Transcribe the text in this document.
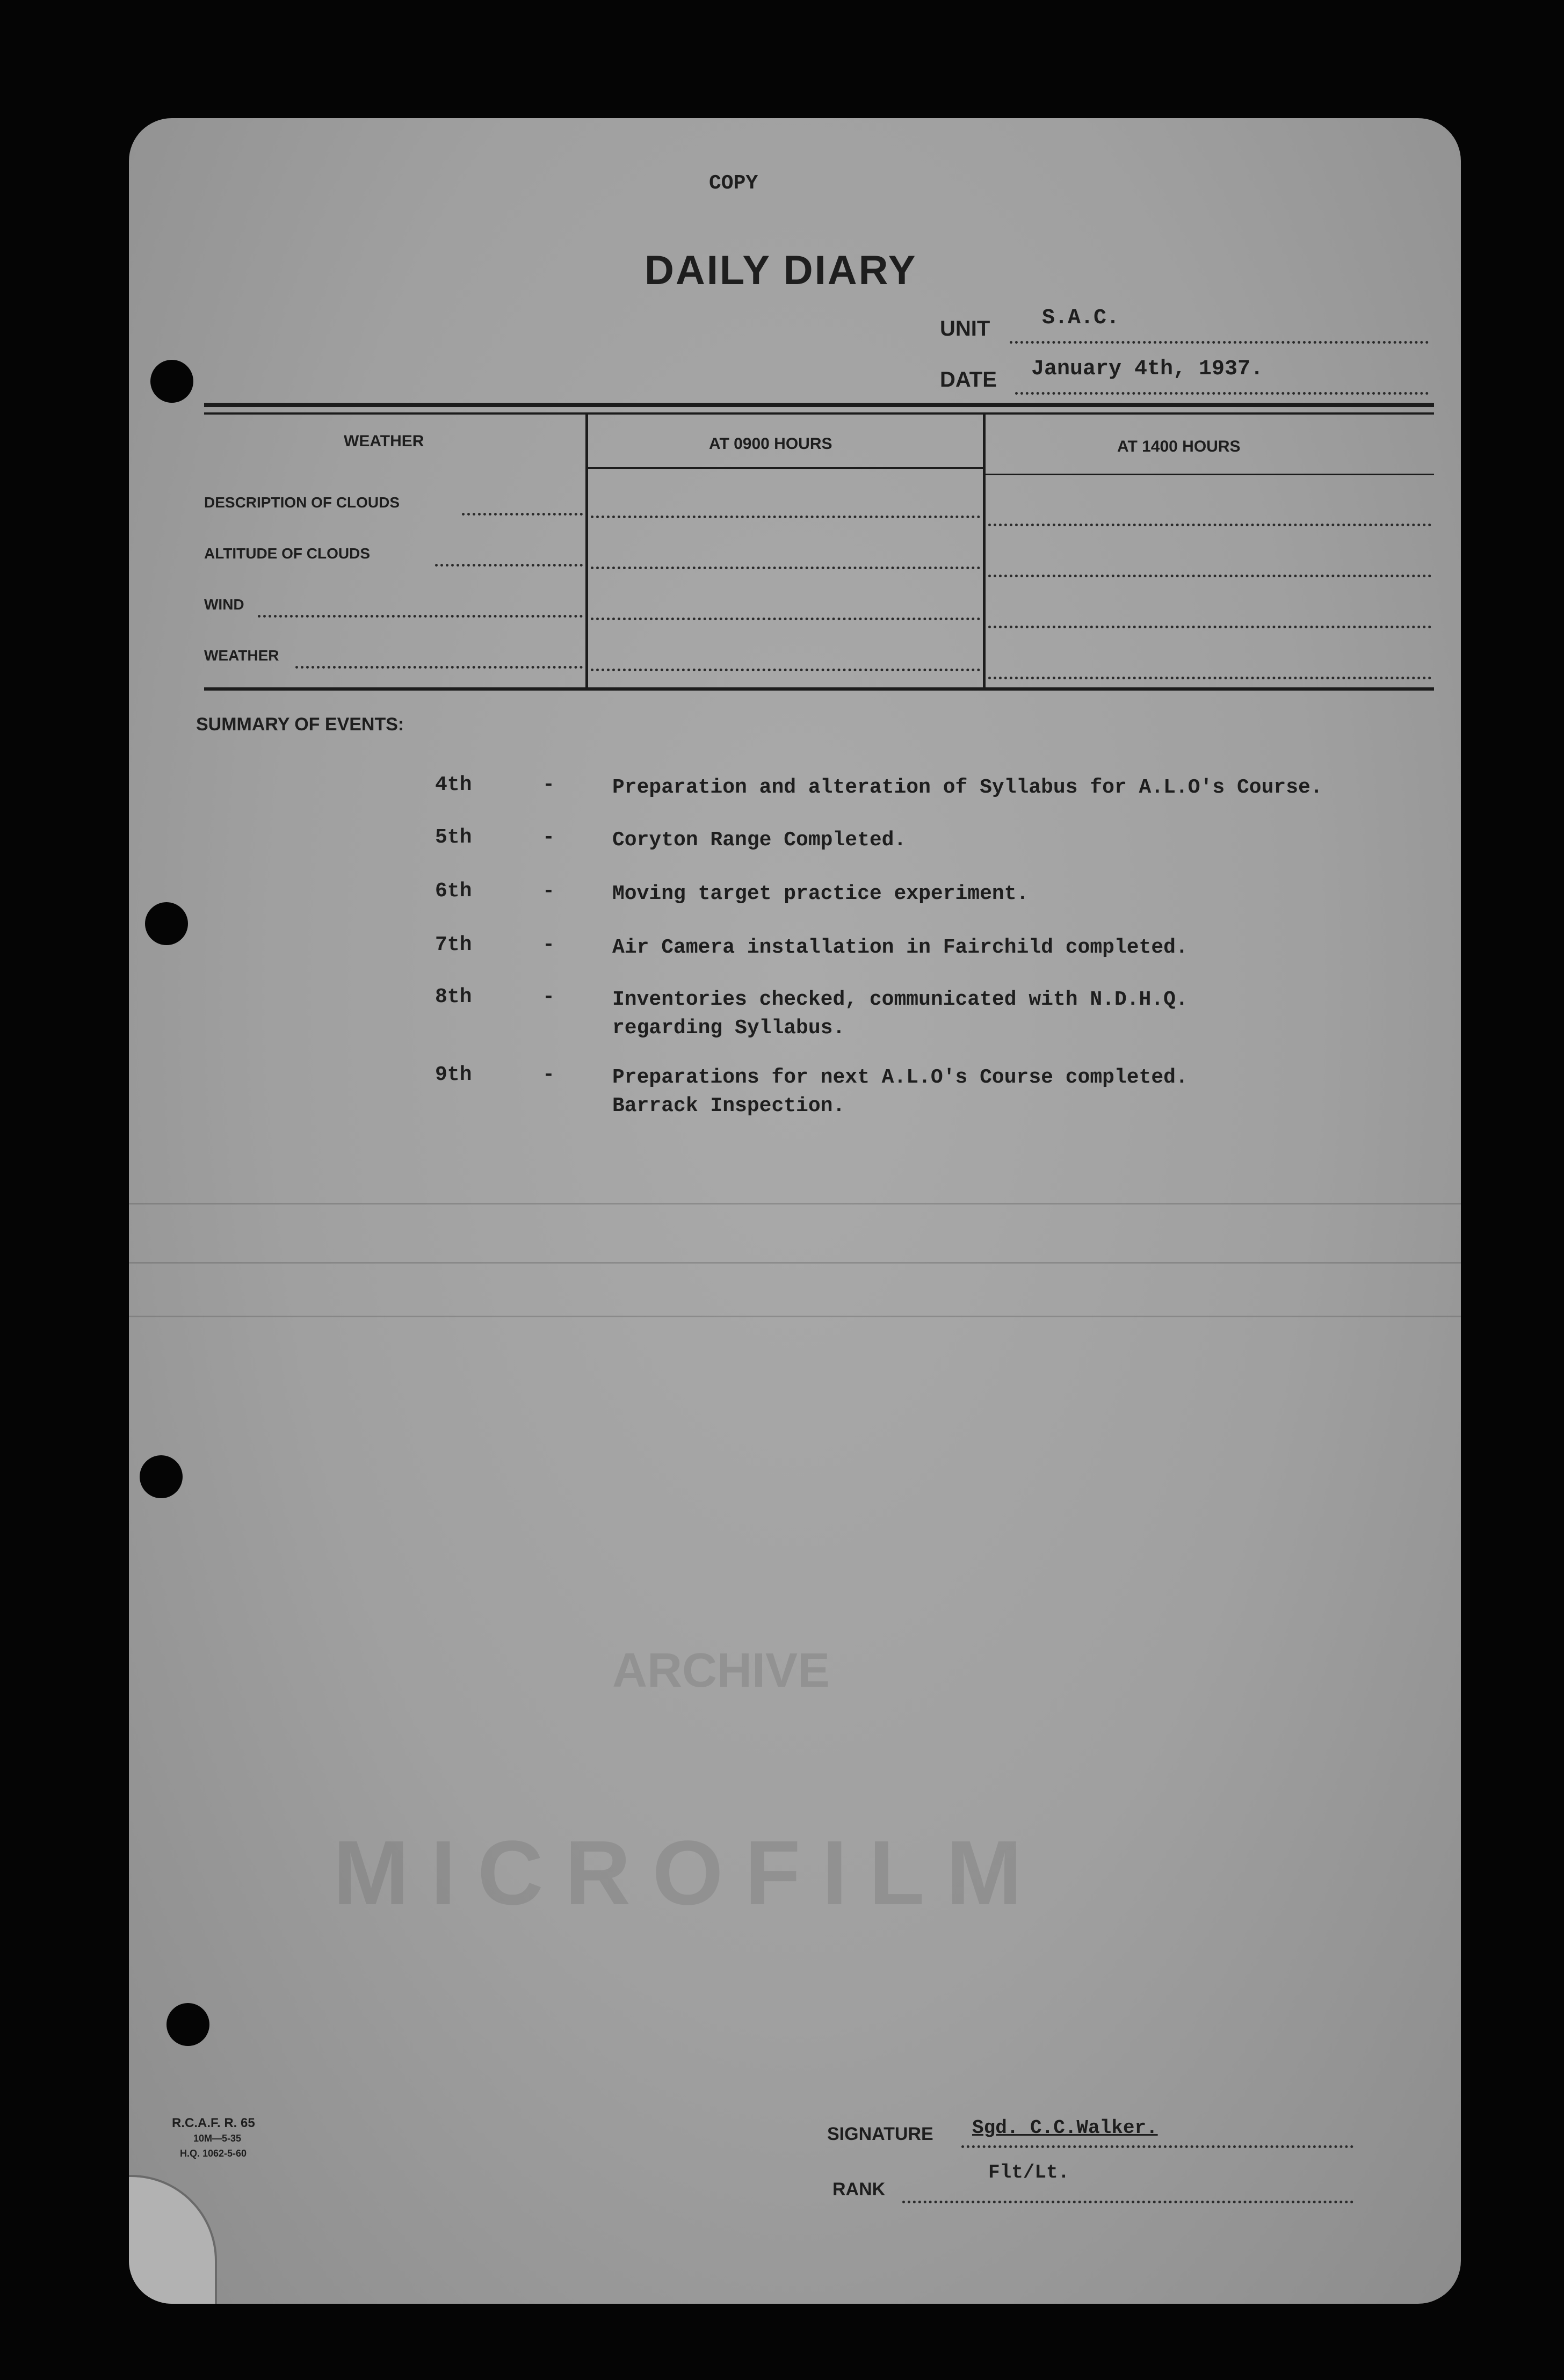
ARCHIVE
MICROFILM
COPY
DAILY DIARY
UNIT S.A.C.
DATE January 4th, 1937.
WEATHER	AT 0900 HOURS	AT 1400 HOURS
DESCRIPTION OF CLOUDS
ALTITUDE OF CLOUDS
WIND
WEATHER
SUMMARY OF EVENTS:
4th	-	Preparation and alteration of Syllabus for A.L.O's Course.
5th	-	Coryton Range Completed.
6th	-	Moving target practice experiment.
7th	-	Air Camera installation in Fairchild completed.
8th	-	Inventories checked, communicated with N.D.H.Q.
regarding Syllabus.
9th	-	Preparations for next A.L.O's Course completed.
Barrack Inspection.
R.C.A.F. R. 65
10M—5-35
H.Q. 1062-5-60
SIGNATURE Sgd. C.C.Walker.
RANK
Flt/Lt.
